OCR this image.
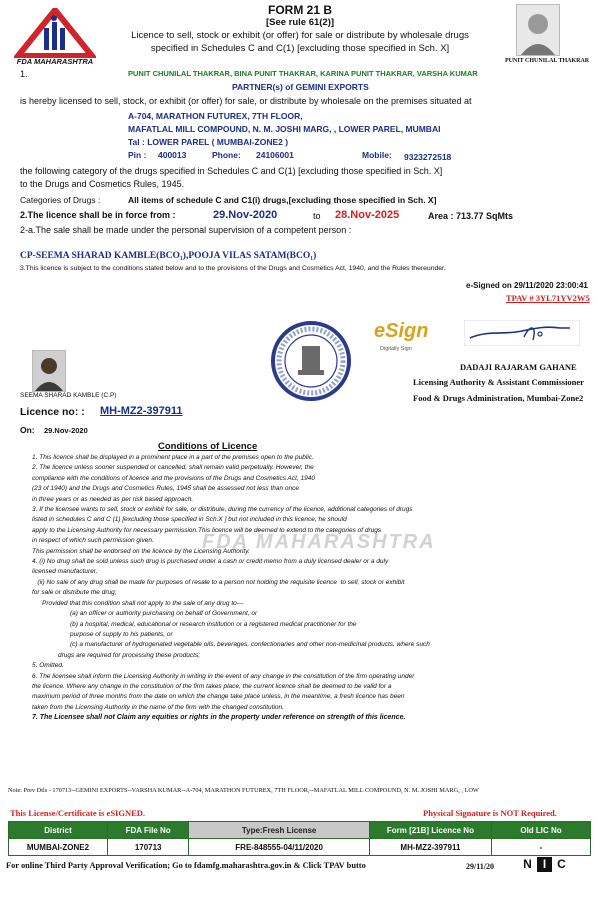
FDA MAHARASHTRA
FORM 21 B
[See rule 61(2)]
Licence to sell, stock or exhibit (or offer) for sale or distribute by wholesale drugs
specified in Schedules C and C(1) [excluding those specified in Sch. X]
PUNIT CHUNILAL THAKRAR
1.	PUNIT CHUNILAL THAKRAR, BINA PUNIT THAKRAR, KARINA PUNIT THAKRAR, VARSHA KUMAR
PARTNER(s) of GEMINI EXPORTS
is hereby licensed to sell, stock, or exhibit (or offer) for sale, or distribute by wholesale on the premises situated at
A-704, MARATHON FUTUREX, 7TH FLOOR,
MAFATLAL MILL COMPOUND, N. M. JOSHI MARG, , LOWER PAREL, MUMBAI
Tal : LOWER PAREL ( MUMBAI-ZONE2 )
Pin : 400013	Phone: 24106001	Mobile: 9323272518
the following category of the drugs specified in Schedules C and C(1) [excluding those specified in Sch. X]
to the Drugs and Cosmetics Rules, 1945.
Categories of Drugs :	All items of schedule C and C1(i) drugs,[excluding those specified in Sch. X]
2.The licence shall be in force from :	29.Nov-2020	to 28.Nov-2025	Area : 713.77 SqMts
2-a.The sale shall be made under the personal supervision of a competent person :
CP-SEEMA SHARAD KAMBLE(BCO₁),POOJA VILAS SATAM(BCO₁)
3.This licence is subject to the conditions stated below and to the provisions of the Drugs and Cosmetics Act, 1940, and the Rules thereunder.
e-Signed on 29/11/2020 23:00:41
TPAV # 3YL71YV2W5
eSign
Digitally Sign
SEEMA SHARAD KAMBLE (C.P)
DADAJI RAJARAM GAHANE
Licensing Authority & Assistant Commissioner
Food & Drugs Administration, Mumbai-Zone2
Licence no: : MH-MZ2-397911
On: 29.Nov-2020
Conditions of Licence
FDA MAHARASHTRA

1. This licence shall be displayed in a prominent place in a part of the premises open to the public.

2. The licence unless sooner suspended or cancelled, shall remain valid perpetually. However, the

compliance with the conditions of licence and the provisions of the Drugs and Cosmetics Act, 1940

(23 of 1940) and the Drugs and Cosmetics Rules, 1945 shall be assessed not less than once

in three years or as needed as per risk based approach.

3. If the licensee wants to sell, stock or exhibit for sale, or distribute, during the currency of the licence, additional categories of drugs

listed in schedules C and C (1) [excluding those specified in Sch.X ] but not included in this licence, he should

apply to the Licensing Authority for necessary permission.This licence will be deemed to extend to the categories of drugs

in respect of which such permission given.

This permission shall be endorsed on the licence by the Licensing Authority.

4. (i) No drug shall be sold unless such drug is purchased under a cash or credit memo from a duly licensed dealer or a duly

licensed manufacturer.

(ii) No sale of any drug shall be made for purposes of resale to a person not holding the requisite licence  to sell, stock or exhibit

for sale or distribute the drug;

Provided that this condition shall not apply to the sale of any drug to---

(a) an officer or authority purchasing on behalf of Government, or

(b) a hospital, medical, educational or research institution or a registered medical practitioner for the

purpose of supply to his patients, or

(c) a manufacturer of hydrogenated vegetable oils, beverages, confectionaries and other non-medicinal products, where such

drugs are required for processing these products;

5. Omitted.

6. The licensee shall inform the Licensing Authority in writing in the event of any change in the constitution of the firm operating under

the licence. Where any change in the constitution of the firm takes place, the current licence shall be deemed to be valid for a

maximum period of three months from the date on which the change take place unless, in the meantime, a fresh licence has been

taken from the Licensing Authority in the name of the firm with the changed constitution.

7. The Licensee shall not Claim any equities or rights in the property under reference on strength of this licence.

Note: Prev Dtls - 170713--GEMINI EXPORTS--VARSHA KUMAR--A-704, MARATHON FUTUREX, 7TH FLOOR,--MAFATLAL MILL COMPOUND, N. M. JOSHI MARG, , LOW
This License/Certificate is eSIGNED.	Physical Signature is NOT Required.
District	FDA File No	Type:Fresh License	Form [21B] Licence No	Old LIC No
MUMBAI-ZONE2	170713	FRE-848555-04/11/2020	MH-MZ2-397911	-
For online Third Party Approval Verification; Go to fdamfg.maharashtra.gov.in & Click TPAV butto	29/11/20	N I C
